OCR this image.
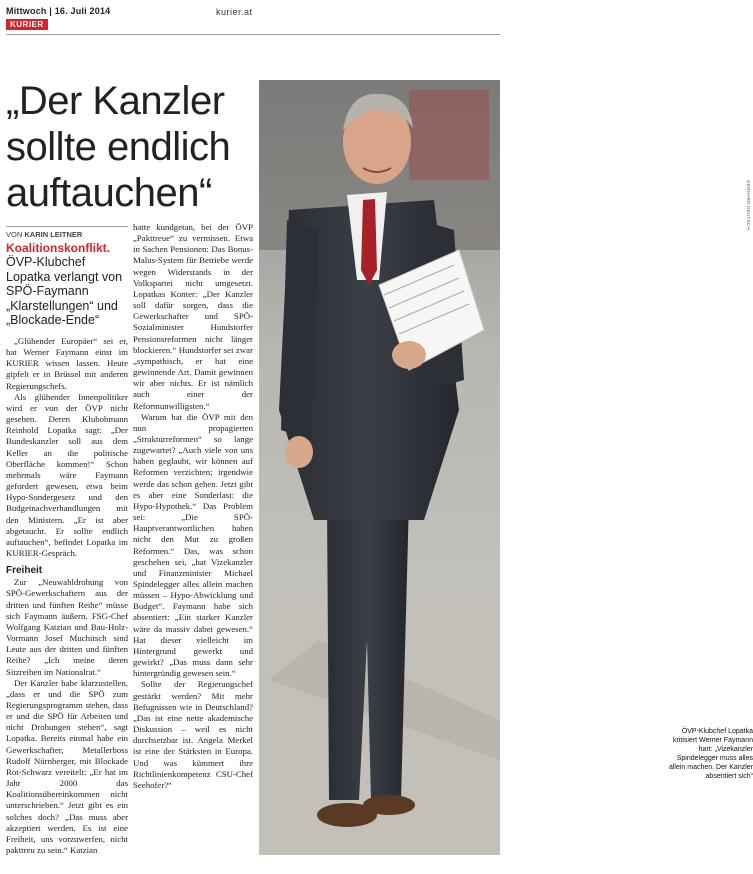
Mittwoch | 16. Juli 2014
KURIER
kurier.at
„Der Kanzler
sollte endlich
auftauchen“
VON KARIN LEITNER
Koalitionskonflikt.
ÖVP-Klubchef Lopatka verlangt von SPÖ-Faymann „Klarstellungen“ und „Blockade-Ende“

„Glühender Europäer“ sei er, hat Werner Faymann einst im KURIER wissen lassen. Heute gipfelt er in Brüssel mit anderen Regierungschefs.

Als glühender Innenpolitiker wird er von der ÖVP nicht gesehen. Deren Klubobmann Reinhold Lopatka sagt: „Der Bundeskanzler soll aus dem Keller an die politische Oberfläche kommen!“ Schon mehrmals wäre Faymann gefordert gewesen, etwa beim Hypo-Sondergesetz und den Budgetnachverhandlungen mit den Ministern. „Er ist aber abgetaucht. Er sollte endlich auftauchen“, befindet Lopatka im KURIER-Gespräch.

Freiheit

Zur „Neuwahldrohung von SPÖ-Gewerkschaftern aus der dritten und fünften Reihe“ müsse sich Faymann äußern. FSG-Chef Wolfgang Katzian und Bau-Holz-Vormann Josef Muchitsch sind Leute aus der dritten und fünften Reihe? „Ich meine deren Sitzreihen im Nationalrat.“

Der Kanzler habe klarzustellen, „dass er und die SPÖ zum Regierungsprogramm stehen, dass er und die SPÖ für Arbeiten und nicht Drohungen stehen“, sagt Lopatka. Bereits einmal habe ein Gewerkschafter, Metallerboss Rudolf Nürnberger, mit Blockade Rot-Schwarz vereitelt: „Er hat im Jahr 2000 das Koalitionsübereinkommen nicht unterschrieben.“ Jetzt gibt es ein solches doch? „Das muss aber akzeptiert werden. Es ist eine Freiheit, uns vorzuwerfen, nicht pakttreu zu sein.“ Katzian

hatte kundgetan, bei der ÖVP „Pakttreue“ zu vermissen. Etwa in Sachen Pensionen: Das Bonus-Malus-System für Betriebe werde wegen Widerstands in der Volkspartei nicht umgesetzt. Lopatkas Konter: „Der Kanzler soll dafür sorgen, dass die Gewerkschafter und SPÖ-Sozialminister Hundstorfer Pensionsreformen nicht länger blockieren.“ Hundstorfer sei zwar „sympathisch, er hat eine gewinnende Art. Damit gewinnen wir aber nichts. Er ist nämlich auch einer der Reformunwilligsten.“

Warum hat die ÖVP mit den nun propagierten „Strukturreformen“ so lange zugewartet? „Auch viele von uns haben geglaubt, wir können auf Reformen verzichten; irgendwie werde das schon gehen. Jetzt gibt es aber eine Sonderlast: die Hypo-Hypothek.“ Das Problem sei: „Die SPÖ-Hauptverantwortlichen haben nicht den Mut zu großen Reformen.“ Das, was schon geschehen sei, „hat Vizekanzler und Finanzminister Michael Spindelegger alles allein machen müssen – Hypo-Abwicklung und Budget“. Faymann habe sich absentiert: „Ein starker Kanzler wäre da massiv dabei gewesen.“ Hat dieser vielleicht im Hintergrund gewerkt und gewirkt? „Das muss dann sehr hintergründig gewesen sein.“

Sollte der Regierungschef gestärkt werden? Mit mehr Befugnissen wie in Deutschland? „Das ist eine nette akademische Diskussion – weil es nicht durchsetzbar ist. Angela Merkel ist eine der Stärksten in Europa. Und was kümmert ihre Richtlinienkompetenz CSU-Chef Seehofer?“

GERHARD DEUTSCH
ÖVP-Klubchef Lopatka kritisiert Werner Faymann hart: „Vizekanzler Spindelegger muss alles allein machen. Der Kanzler absentiert sich“
